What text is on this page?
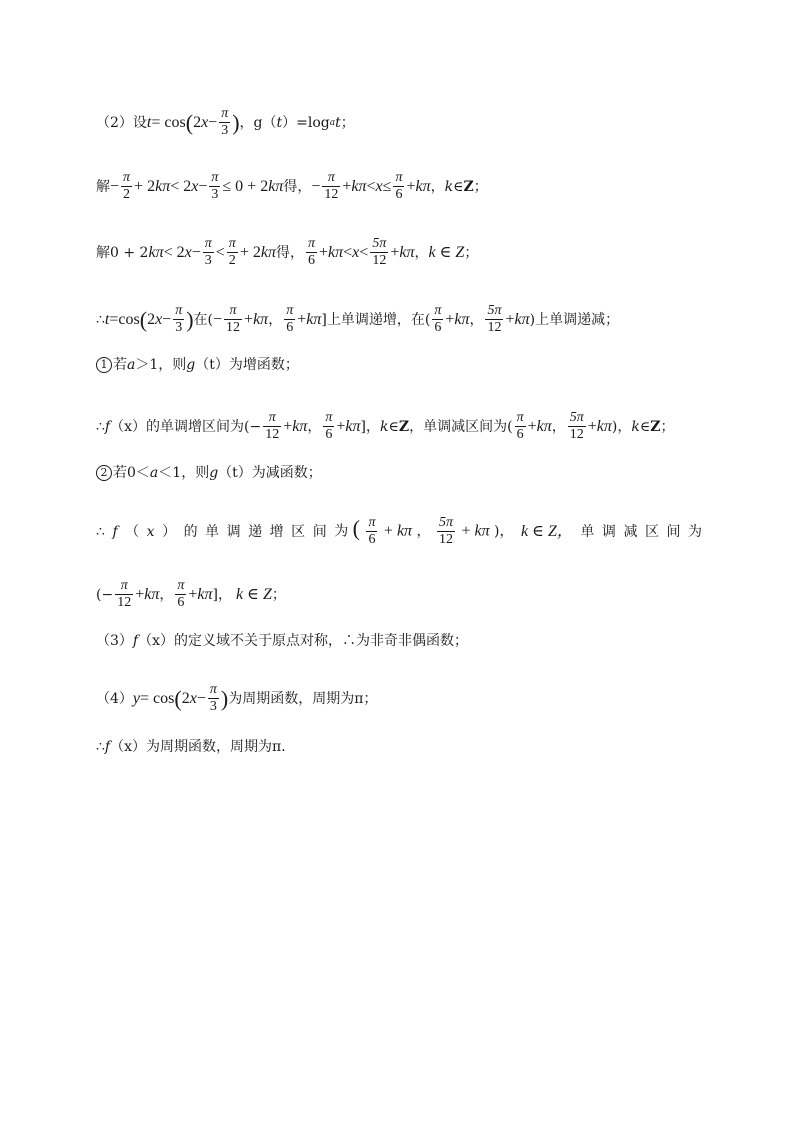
（2）设 t = cos ( 2 $x - \frac{\pi}{3}$ ) ，g（ t ）=log a t ；
解 − $\frac{\pi}{2} + 2$ k π < 2 $x - \frac{\pi}{3} \le 0 + 2$ k π 得， − $\frac{\pi}{12} + k$ $\pi < x \le \frac{\pi}{6} + k$ π ， k ∈ Z ；
解0 + 2 k π < 2 $x - \frac{\pi}{3} < \frac{\pi}{2} + 2$ k π 得， $\frac{\pi}{6} + k$ $\pi < x < \frac{5\pi}{12} + k$ π ， k ∈ Z ；
∴ t =cos ( 2 $x - \frac{\pi}{3}$ ) 在( − $\frac{\pi}{12} + k\pi$ ， $\frac{\pi}{6} + k\pi$ ]上单调递增，在( $\frac{\pi}{6} + k\pi$ ， $\frac{5\pi}{12} + k\pi$ )上单调递减；
1 若 a ＞1，则 g （t）为增函数；
∴ f （x）的单调增区间为(− $\frac{\pi}{12} + k\pi$ ， $\frac{\pi}{6} + k\pi$ ]， k ∈ Z ，单调减区间为( $\frac{\pi}{6} + k\pi$ ， $\frac{5\pi}{12} + k\pi$ )， k ∈ Z ；
2 若0＜ a ＜1，则 g （t）为减函数；
∴ f （ x ） 的 单 调 递 增 区 间 为 ( $\frac{\pi}{6} + k\pi$ ， $\frac{5\pi}{12} + k\pi$ )， k ∈ Z， 单 调 减 区 间 为
(− $\frac{\pi}{12} + k\pi$ ， $\frac{\pi}{6} + k\pi$ ]， k ∈ Z ；
（3） f （x）的定义域不关于原点对称，∴为非奇非偶函数；
（4） y = cos ( 2 $x - \frac{\pi}{3}$ ) 为周期函数，周期为π；
∴ f （x）为周期函数，周期为π．
